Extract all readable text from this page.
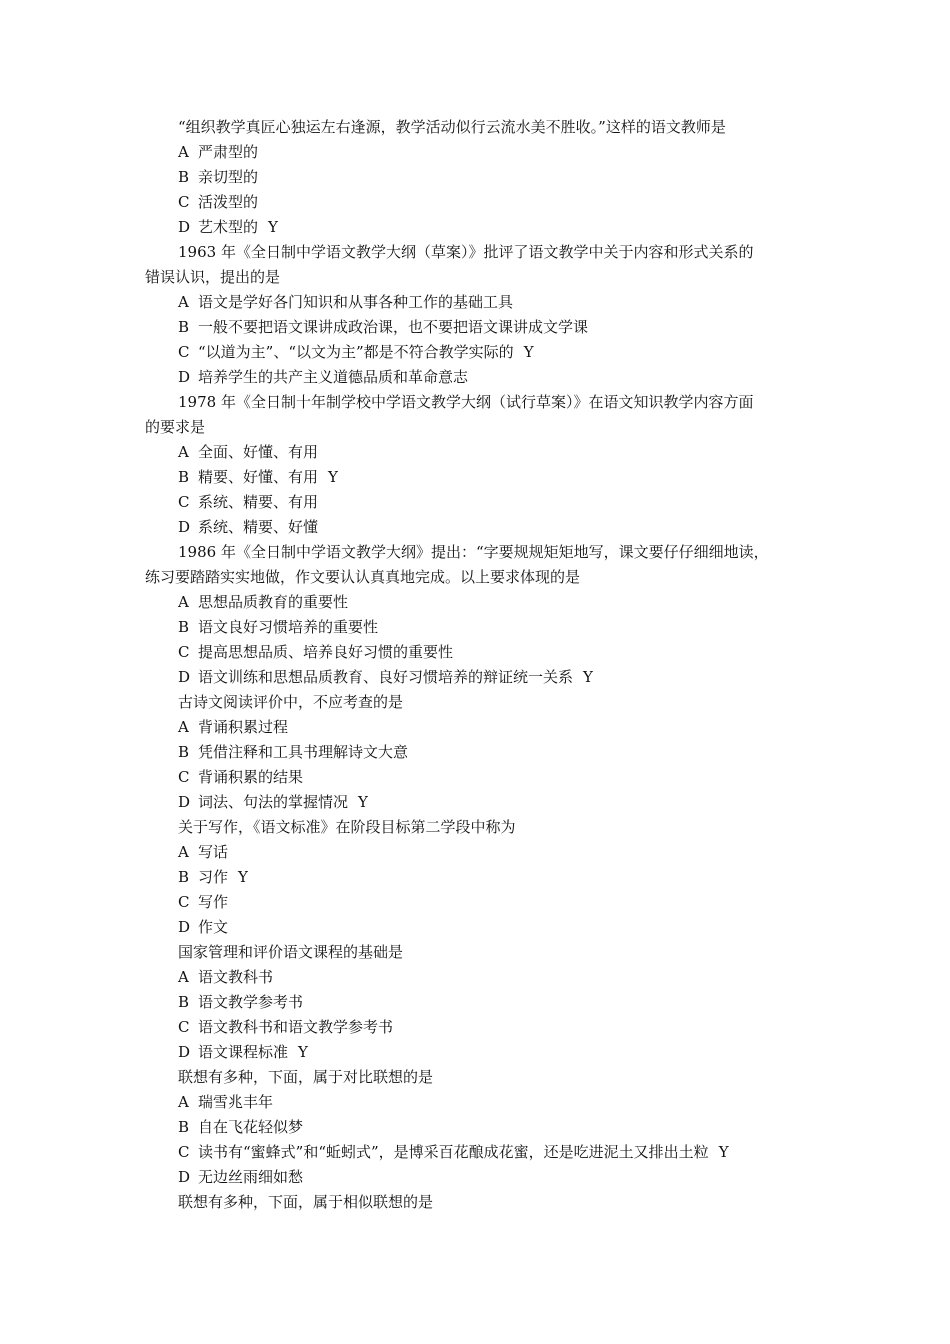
“组织教学真匠心独运左右逢源，教学活动似行云流水美不胜收。”这样的语文教师是
A 严肃型的
B 亲切型的
C 活泼型的
D 艺术型的 Y
1963 年《全日制中学语文教学大纲（草案）》批评了语文教学中关于内容和形式关系的
错误认识，提出的是
A 语文是学好各门知识和从事各种工作的基础工具
B 一般不要把语文课讲成政治课，也不要把语文课讲成文学课
C “以道为主”、“以文为主”都是不符合教学实际的 Y
D 培养学生的共产主义道德品质和革命意志
1978 年《全日制十年制学校中学语文教学大纲（试行草案）》在语文知识教学内容方面
的要求是
A 全面、好懂、有用
B 精要、好懂、有用 Y
C 系统、精要、有用
D 系统、精要、好懂
1986 年《全日制中学语文教学大纲》提出：“字要规规矩矩地写，课文要仔仔细细地读，
练习要踏踏实实地做，作文要认认真真地完成。以上要求体现的是
A 思想品质教育的重要性
B 语文良好习惯培养的重要性
C 提高思想品质、培养良好习惯的重要性
D 语文训练和思想品质教育、良好习惯培养的辩证统一关系 Y
古诗文阅读评价中，不应考查的是
A 背诵积累过程
B 凭借注释和工具书理解诗文大意
C 背诵积累的结果
D 词法、句法的掌握情况 Y
关于写作，《语文标准》在阶段目标第二学段中称为
A 写话
B 习作 Y
C 写作
D 作文
国家管理和评价语文课程的基础是
A 语文教科书
B 语文教学参考书
C 语文教科书和语文教学参考书
D 语文课程标准 Y
联想有多种，下面，属于对比联想的是
A 瑞雪兆丰年
B 自在飞花轻似梦
C 读书有“蜜蜂式”和“蚯蚓式”，是博采百花酿成花蜜，还是吃进泥土又排出土粒 Y
D 无边丝雨细如愁
联想有多种，下面，属于相似联想的是
